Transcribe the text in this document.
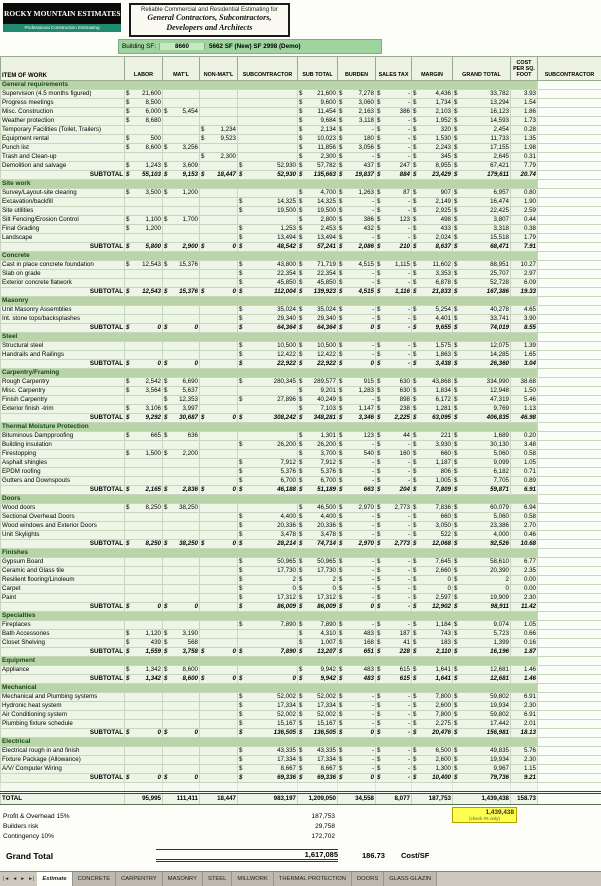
ROCKY MOUNTAIN ESTIMATES
Professional Construction Estimating
Reliable Commercial and Residential Estimating for
General Contractors, Subcontractors,
Developers and Architects
Building SF:	8660	5662 SF (New) SF 2998 (Demo)
ITEM OF WORK	LABOR	MAT'L	NON-MAT'L	SUBCONTRACTOR	SUB TOTAL	BURDEN	SALES TAX	MARGIN	GRAND TOTAL	COST PER SQ. FOOT	SUBCONTRACTOR
General requirements											
Supervision (4.5 months figured)	$ 21,600				$ 21,600	$ 7,278	$ -	$ 4,436	$ 33,782	3.93	
Progress meetings	$ 8,500				$ 9,600	$ 3,060	$ -	$ 1,734	$ 13,294	1.54	
Misc. Construction	$ 6,000	$ 5,454			$ 11,454	$ 2,163	$ 386	$ 2,103	$ 16,123	1.86	
Weather protection	$ 8,680				$ 9,684	$ 3,118	$ -	$ 1,952	$ 14,593	1.73	
Temporary Facilities (Toilet, Trailers)			$ 1,234		$ 2,134	$ -	$ -	$ 320	$ 2,454	0.28	
Equipment rental	$ 500		$ 9,523		$ 10,023	$ 180	$ -	$ 1,530	$ 11,733	1.35	
Punch list	$ 8,600	$ 3,256			$ 11,856	$ 3,056	$ -	$ 2,243	$ 17,155	1.98	
Trash and Clean-up			$ 2,300		$ 2,300	$ -	$ -	$ 345	$ 2,645	0.31	
Demolition and salvage	$ 1,243	$ 3,609		$ 52,930	$ 57,782	$ 437	$ 247	$ 8,955	$ 67,421	7.79	
SUBTOTAL	$ 55,103	$ 9,153	$ 18,447	$ 52,930	$ 135,663	$ 19,837	$ 884	$ 23,429	$ 179,611	20.74	
Site work											
Survey/Layout-site clearing	$ 3,500	$ 1,200			$ 4,700	$ 1,263	$ 87	$ 907	$ 6,957	0.80	
Excavation/backfill				$ 14,325	$ 14,325	$ -	$ -	$ 2,149	$ 16,474	1.90	
Site utilities				$ 19,500	$ 19,500	$ -	$ -	$ 2,925	$ 22,425	2.59	
Silt Fencing/Erosion Control	$ 1,100	$ 1,700			$ 2,800	$ 386	$ 123	$ 498	$ 3,807	0.44	
Final Grading	$ 1,200			$ 1,253	$ 2,453	$ 432	$ -	$ 433	$ 3,318	0.38	
Landscape				$ 13,494	$ 13,494	$ -	$ -	$ 2,024	$ 15,518	1.79	
SUBTOTAL	$ 5,800	$ 2,900	$ 0	$ 48,542	$ 57,241	$ 2,086	$ 210	$ 8,637	$ 68,471	7.91	
Concrete											
Cast in place concrete foundation	$ 12,543	$ 15,376		$ 43,800	$ 71,719	$ 4,515	$ 1,115	$ 11,602	$ 88,951	10.27	
Slab on grade				$ 22,354	$ 22,354	$ -	$ -	$ 3,353	$ 25,707	2.97	
Exterior concrete flatwork				$ 45,850	$ 45,850	$ -	$ -	$ 6,878	$ 52,728	6.09	
SUBTOTAL	$ 12,543	$ 15,376	$ 0	$ 112,004	$ 139,923	$ 4,515	$ 1,116	$ 21,833	$ 167,386	19.33	
Masonry											
Unit Masonry Assemblies				$ 35,024	$ 35,024	$ -	$ -	$ 5,254	$ 40,278	4.65	
Int. stone tops/backsplashes				$ 29,340	$ 29,340	$ -	$ -	$ 4,401	$ 33,741	3.90	
SUBTOTAL	$ 0	$ 0		$ 64,364	$ 64,364	$ 0	$ -	$ 9,655	$ 74,019	8.55	
Steel											
Structural steel				$ 10,500	$ 10,500	$ -	$ -	$ 1,575	$ 12,075	1.39	
Handrails and Railings				$ 12,422	$ 12,422	$ -	$ -	$ 1,863	$ 14,285	1.65	
SUBTOTAL	$ 0	$ 0		$ 22,922	$ 22,922	$ 0	$ -	$ 3,438	$ 26,360	3.04	
Carpentry/Framing											
Rough Carpentry	$ 2,542	$ 6,690		$ 280,345	$ 289,577	$ 915	$ 630	$ 43,868	$ 334,990	38.68	
Misc. Carpentry	$ 3,564	$ 5,637			$ 9,201	$ 1,283	$ 630	$ 1,834	$ 12,948	1.50	
Finish Carpentry		$ 12,353		$ 27,896	$ 40,249	$ -	$ 898	$ 6,172	$ 47,319	5.46	
Exterior finish -trim	$ 3,106	$ 3,997			$ 7,103	$ 1,147	$ 238	$ 1,281	$ 9,769	1.13	
SUBTOTAL	$ 9,292	$ 30,687	$ 0	$ 308,242	$ 348,281	$ 3,346	$ 2,225	$ 63,095	$ 406,835	46.98	
Thermal Moisture Protection											
Bituminous Dampproofing	$ 665	$ 636			$ 1,301	$ 123	$ 44	$ 221	$ 1,689	0.20	
Building insulation				$ 26,200	$ 26,200	$ -	$ -	$ 3,930	$ 30,130	3.48	
Firestopping	$ 1,500	$ 2,200			$ 3,700	$ 540	$ 160	$ 660	$ 5,060	0.58	
Asphalt shingles				$ 7,912	$ 7,912	$ -	$ -	$ 1,187	$ 9,099	1.05	
EPDM roofing				$ 5,376	$ 5,376	$ -	$ -	$ 806	$ 6,182	0.71	
Gutters and Downspouts				$ 6,700	$ 6,700	$ -	$ -	$ 1,005	$ 7,705	0.89	
SUBTOTAL	$ 2,165	$ 2,836	$ 0	$ 46,188	$ 51,189	$ 663	$ 204	$ 7,809	$ 59,871	6.91	
Doors											
Wood doors	$ 8,250	$ 38,250			$ 46,500	$ 2,970	$ 2,773	$ 7,836	$ 60,079	6.94	
Sectional Overhead Doors				$ 4,400	$ 4,400	$ -	$ -	$ 660	$ 5,060	0.58	
Wood windows and Exterior Doors				$ 20,336	$ 20,336	$ -	$ -	$ 3,050	$ 23,386	2.70	
Unit Skylights				$ 3,478	$ 3,478	$ -	$ -	$ 522	$ 4,000	0.46	
SUBTOTAL	$ 8,250	$ 38,250	$ 0	$ 28,214	$ 74,714	$ 2,970	$ 2,773	$ 12,068	$ 92,526	10.68	
Finishes											
Gypsum Board				$ 50,965	$ 50,965	$ -	$ -	$ 7,645	$ 58,610	6.77	
Ceramic and Glass tile				$ 17,730	$ 17,730	$ -	$ -	$ 2,660	$ 20,390	2.35	
Resilient flooring/Linoleum				$ 2	$ 2	$ -	$ -	$ 0	$ 2	0.00	
Carpet				$ 0	$ 0	$ -	$ -	$ 0	$ 0	0.00	
Paint				$ 17,312	$ 17,312	$ -	$ -	$ 2,597	$ 19,909	2.30	
SUBTOTAL	$ 0	$ 0		$ 86,009	$ 86,009	$ 0	$ -	$ 12,902	$ 98,911	11.42	
Specialties											
Fireplaces				$ 7,890	$ 7,890	$ -	$ -	$ 1,184	$ 9,074	1.05	
Bath Accessories	$ 1,120	$ 3,190			$ 4,310	$ 483	$ 187	$ 743	$ 5,723	0.66	
Closet Shelving	$ 439	$ 568			$ 1,007	$ 168	$ 41	$ 183	$ 1,399	0.16	
SUBTOTAL	$ 1,559	$ 3,758	$ 0	$ 7,890	$ 13,207	$ 651	$ 228	$ 2,110	$ 16,196	1.87	
Equipment											
Appliance	$ 1,342	$ 8,600			$ 9,942	$ 483	$ 615	$ 1,641	$ 12,681	1.46	
SUBTOTAL	$ 1,342	$ 8,600	$ 0	$ 0	$ 9,942	$ 483	$ 615	$ 1,641	$ 12,681	1.46	
Mechanical											
Mechanical and Plumbing systems				$ 52,002	$ 52,002	$ -	$ -	$ 7,800	$ 59,802	6.91	
Hydronic heat system				$ 17,334	$ 17,334	$ -	$ -	$ 2,600	$ 19,934	2.30	
Air Conditioning system				$ 52,002	$ 52,002	$ -	$ -	$ 7,800	$ 59,802	6.91	
Plumbing fixture schedule				$ 15,167	$ 15,167	$ -	$ -	$ 2,275	$ 17,442	2.01	
SUBTOTAL	$ 0	$ 0		$ 136,505	$ 136,505	$ 0	$ -	$ 20,476	$ 156,981	18.13	
Electrical											
Electrical rough in and finish				$ 43,335	$ 43,335	$ -	$ -	$ 6,500	$ 49,835	5.76	
Fixture Package (Allowance)				$ 17,334	$ 17,334	$ -	$ -	$ 2,600	$ 19,934	2.30	
A/V/ Computer Wiring				$ 8,667	$ 8,667	$ -	$ -	$ 1,300	$ 9,967	1.15	
SUBTOTAL	$ 0	$ 0		$ 69,336	$ 69,336	$ 0	$ -	$ 10,400	$ 79,736	9.21	

TOTAL	95,995	111,411	18,447	983,197	1,209,050	34,558	8,077	187,753	1,439,438	158.73	
1,439,438
(check #s only)
Profit & Overhead 15%	187,753
Builders risk	29,758
Contingency 10%	172,702
Grand Total	1,617,085	186.73 Cost/SF
|◄ ◄ ► ►|	Estimate	CONCRETE	CARPENTRY	MASONRY	STEEL	MILLWORK	THERMAL PROTECTION	DOORS	GLASS GLAZIN
